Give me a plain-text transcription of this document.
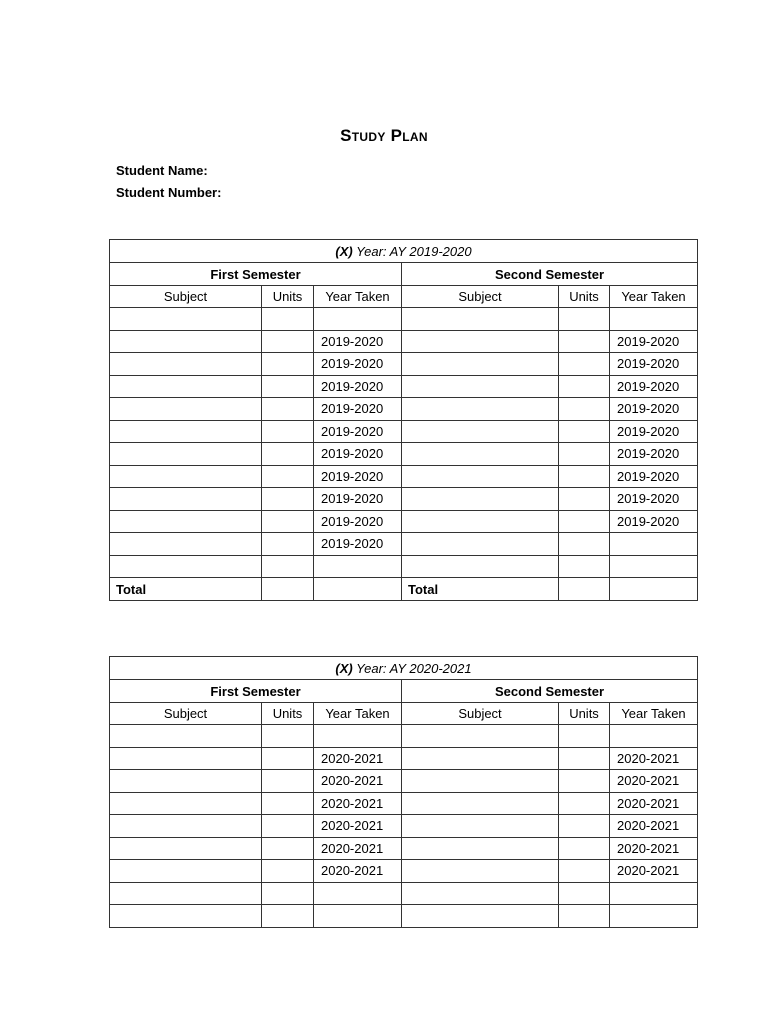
Study Plan
Student Name:
Student Number:
(X) Year: AY 2019-2020					
First Semester			Second Semester		
Subject	Units	Year Taken	Subject	Units	Year Taken

		2019-2020			2019-2020
		2019-2020			2019-2020
		2019-2020			2019-2020
		2019-2020			2019-2020
		2019-2020			2019-2020
		2019-2020			2019-2020
		2019-2020			2019-2020
		2019-2020			2019-2020
		2019-2020			2019-2020
		2019-2020			

Total			Total		
(X) Year: AY 2020-2021					
First Semester			Second Semester		
Subject	Units	Year Taken	Subject	Units	Year Taken

		2020-2021			2020-2021
		2020-2021			2020-2021
		2020-2021			2020-2021
		2020-2021			2020-2021
		2020-2021			2020-2021
		2020-2021			2020-2021
